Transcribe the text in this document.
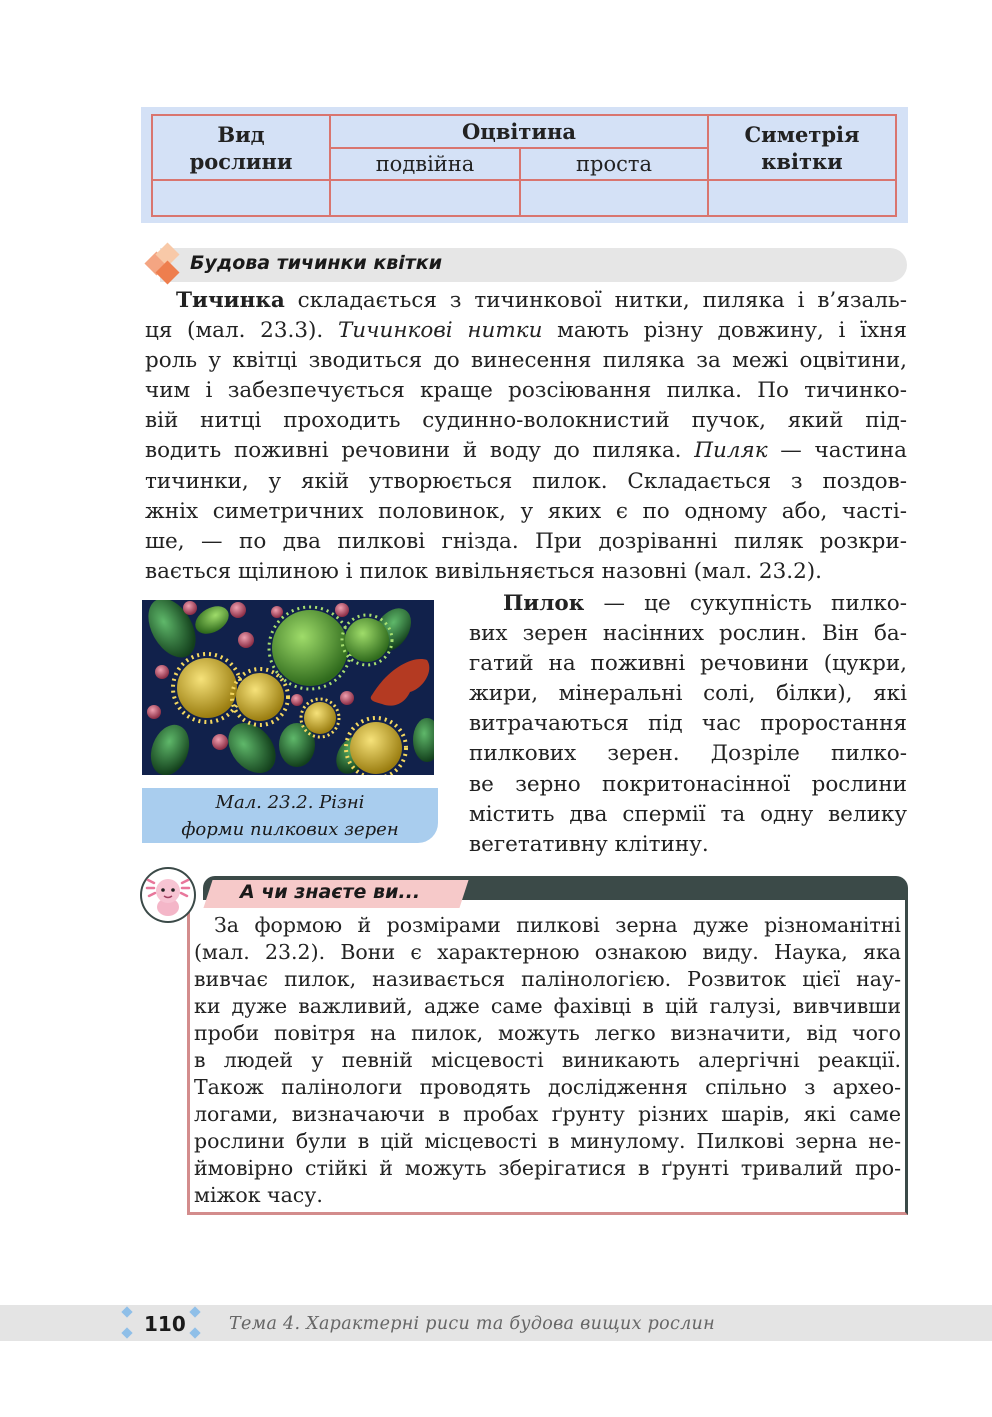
Вид
рослини
Оцвітина
подвійна	проста
Симетрія
квітки
Будова тичинки квітки
Тичинка складається з тичинкової нитки, пиляка і в’язаль-
ця (мал. 23.3). Тичинкові нитки мають різну довжину, і їхня
роль у квітці зводиться до винесення пиляка за межі оцвітини,
чим і забезпечується краще розсіювання пилка. По тичинко-
вій нитці проходить судинно-волокнистий пучок, який під-
водить поживні речовини й воду до пиляка. Пиляк — частина
тичинки, у якій утворюється пилок. Складається з поздов-
жніх симетричних половинок, у яких є по одному або, часті-
ше, — по два пилкові гнізда. При дозріванні пиляк розкри-
вається щілиною і пилок вивільняється назовні (мал. 23.2).
Мал. 23.2. Різні
форми пилкових зерен
Пилок — це сукупність пилко-
вих зерен насінних рослин. Він ба-
гатий на поживні речовини (цукри,
жири, мінеральні солі, білки), які
витрачаються під час проростання
пилкових зерен. Дозріле пилко-
ве зерно покритонасінної рослини
містить два спермії та одну велику
вегетативну клітину.
А чи знаєте ви...
За формою й розмірами пилкові зерна дуже різноманітні
(мал. 23.2). Вони є характерною ознакою виду. Наука, яка
вивчає пилок, називається палінологією. Розвиток цієї нау-
ки дуже важливий, адже саме фахівці в цій галузі, вивчивши
проби повітря на пилок, можуть легко визначити, від чого
в людей у певній місцевості виникають алергічні реакції.
Також палінологи проводять дослідження спільно з архео-
логами, визначаючи в пробах ґрунту різних шарів, які саме
рослини були в цій місцевості в минулому. Пилкові зерна не-
ймовірно стійкі й можуть зберігатися в ґрунті тривалий про-
міжок часу.
110 Тема 4. Характерні риси та будова вищих рослин
